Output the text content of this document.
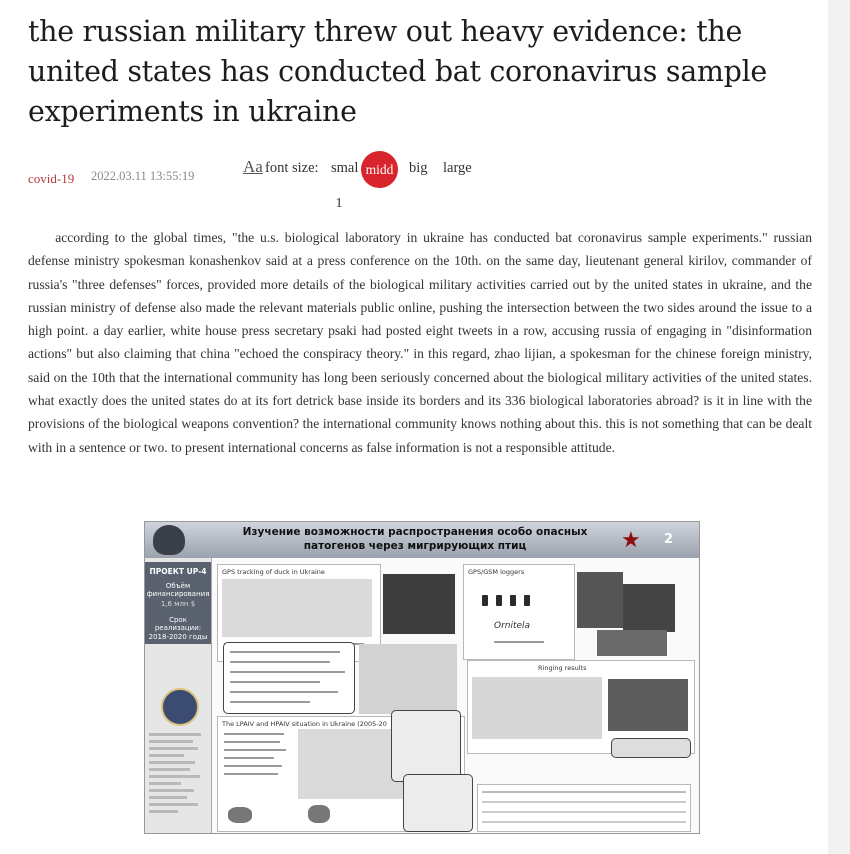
the russian military threw out heavy evidence: the united states has conducted bat coronavirus sample experiments in ukraine
covid-19 2022.03.11 13:55:19	Aa font size: smal midd	big large
1

according to the global times, "the u.s. biological laboratory in ukraine has conducted bat coronavirus sample experiments." russian defense ministry spokesman konashenkov said at a press conference on the 10th. on the same day, lieutenant general kirilov, commander of russia's "three defenses" forces, provided more details of the biological military activities carried out by the united states in ukraine, and the russian ministry of defense also made the relevant materials public online, pushing the intersection between the two sides around the issue to a high point. a day earlier, white house press secretary psaki had posted eight tweets in a row, accusing russia of engaging in "disinformation actions" but also claiming that china "echoed the conspiracy theory." in this regard, zhao lijian, a spokesman for the chinese foreign ministry, said on the 10th that the international community has long been seriously concerned about the biological military activities of the united states. what exactly does the united states do at its fort detrick base inside its borders and its 336 biological laboratories abroad? is it in line with the provisions of the biological weapons convention? the international community knows nothing about this. this is not something that can be dealt with in a sentence or two. to present international concerns as false information is not a responsible attitude.

Изучение возможности распространения особо опасных патогенов через мигрирующих птиц	★ 2
ПРОЕКТ UP-4
Объём финансирования
1,6 млн $
Срок реализации:
2018-2020 годы
GPS tracking of duck in Ukraine
The LPAIV and HPAIV situation in Ukraine (2005-20
GPS/GSM loggers
Ornitela
Ringing results
